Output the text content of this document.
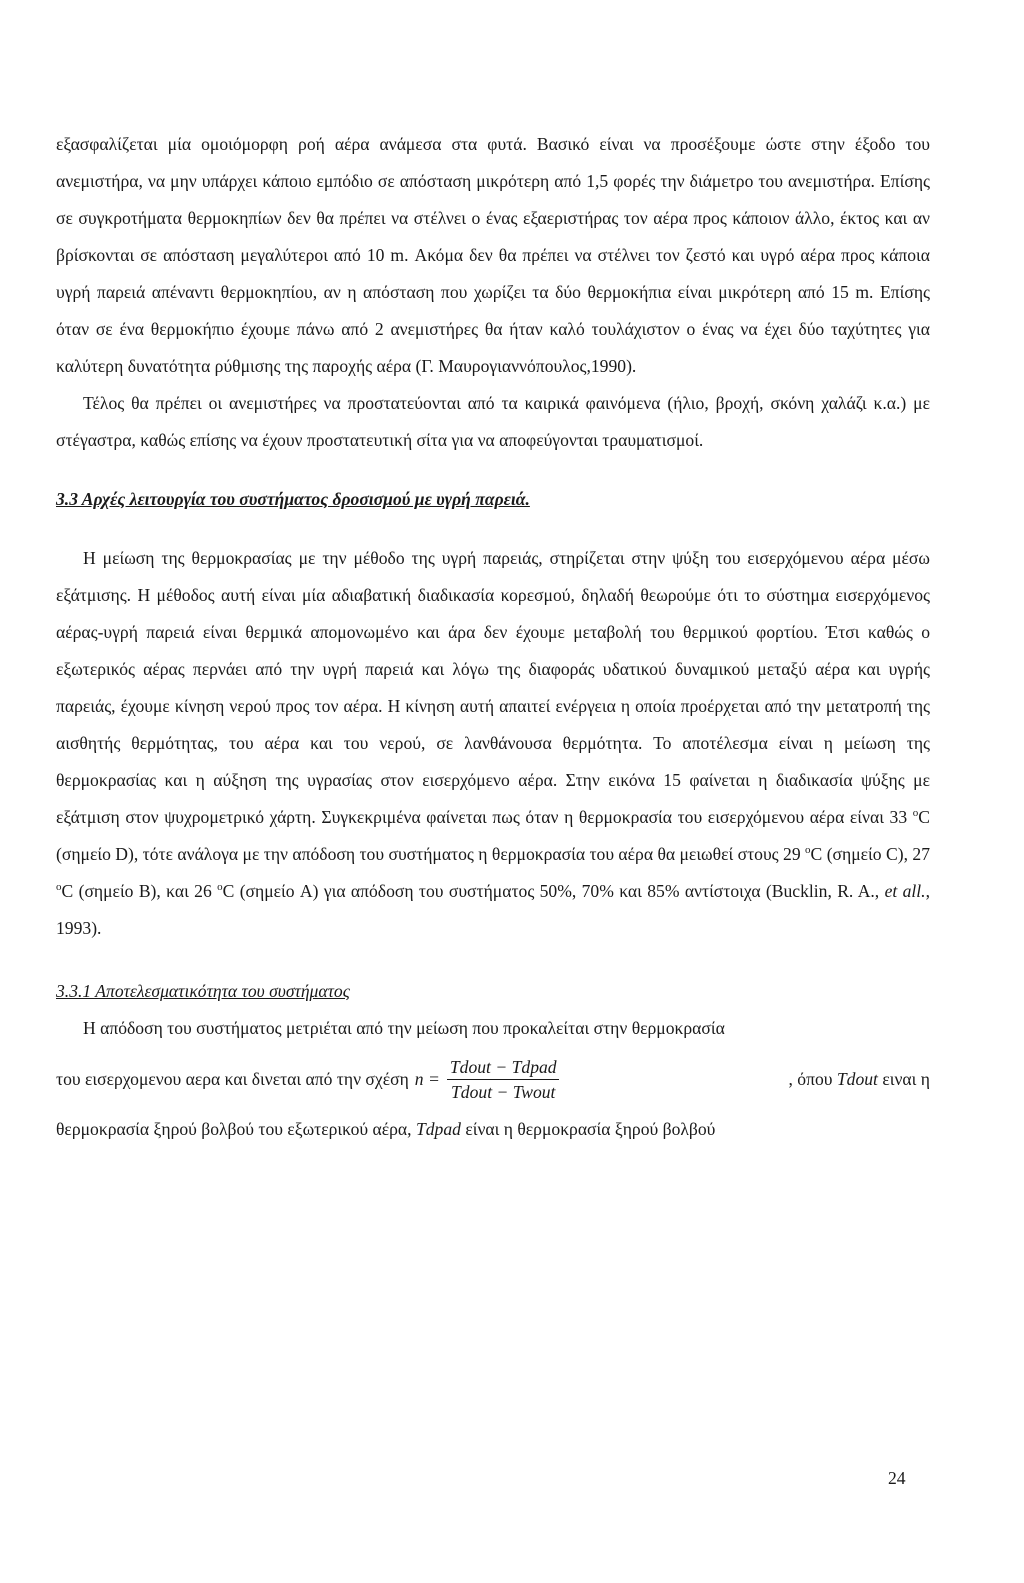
εξασφαλίζεται μία ομοιόμορφη ροή αέρα ανάμεσα στα φυτά. Βασικό είναι να προσέξουμε ώστε στην έξοδο του ανεμιστήρα, να μην υπάρχει κάποιο εμπόδιο σε απόσταση μικρότερη από 1,5 φορές την διάμετρο του ανεμιστήρα. Επίσης σε συγκροτήματα θερμοκηπίων δεν θα πρέπει να στέλνει ο ένας εξαεριστήρας τον αέρα προς κάποιον άλλο, έκτος και αν βρίσκονται σε απόσταση μεγαλύτεροι από 10 m. Ακόμα δεν θα πρέπει να στέλνει τον ζεστό και υγρό αέρα προς κάποια υγρή παρειά απέναντι θερμοκηπίου, αν η απόσταση που χωρίζει τα δύο θερμοκήπια είναι μικρότερη από 15 m. Επίσης όταν σε ένα θερμοκήπιο έχουμε πάνω από 2 ανεμιστήρες θα ήταν καλό τουλάχιστον ο ένας να έχει δύο ταχύτητες για καλύτερη δυνατότητα ρύθμισης της παροχής αέρα (Γ. Μαυρογιαννόπουλος,1990).

Τέλος θα πρέπει οι ανεμιστήρες να προστατεύονται από τα καιρικά φαινόμενα (ήλιο, βροχή, σκόνη χαλάζι κ.α.) με στέγαστρα, καθώς επίσης να έχουν προστατευτική σίτα για να αποφεύγονται τραυματισμοί.

3.3 Αρχές λειτουργία του συστήματος δροσισμού με υγρή παρειά.

Η μείωση της θερμοκρασίας με την μέθοδο της υγρή παρειάς, στηρίζεται στην ψύξη του εισερχόμενου αέρα μέσω εξάτμισης. Η μέθοδος αυτή είναι μία αδιαβατική διαδικασία κορεσμού, δηλαδή θεωρούμε ότι το σύστημα εισερχόμενος αέρας-υγρή παρειά είναι θερμικά απομονωμένο και άρα δεν έχουμε μεταβολή του θερμικού φορτίου. Έτσι καθώς ο εξωτερικός αέρας περνάει από την υγρή παρειά και λόγω της διαφοράς υδατικού δυναμικού μεταξύ αέρα και υγρής παρειάς, έχουμε κίνηση νερού προς τον αέρα. Η κίνηση αυτή απαιτεί ενέργεια η οποία προέρχεται από την μετατροπή της αισθητής θερμότητας, του αέρα και του νερού, σε λανθάνουσα θερμότητα. Το αποτέλεσμα είναι η μείωση της θερμοκρασίας και η αύξηση της υγρασίας στον εισερχόμενο αέρα. Στην εικόνα 15 φαίνεται η διαδικασία ψύξης με εξάτμιση στον ψυχρομετρικό χάρτη. Συγκεκριμένα φαίνεται πως όταν η θερμοκρασία του εισερχόμενου αέρα είναι 33 $^o$C (σημείο D), τότε ανάλογα με την απόδοση του συστήματος η θερμοκρασία του αέρα θα μειωθεί στους 29 $^o$C (σημείο C), 27 $^o$C (σημείο B), και 26 $^o$C (σημείο A) για απόδοση του συστήματος 50%, 70% και 85% αντίστοιχα (Bucklin, R. A., et all., 1993).

3.3.1 Αποτελεσματικότητα του συστήματος

Η απόδοση του συστήματος μετριέται από την μείωση που προκαλείται στην θερμοκρασία

του εισερχομενου αερα και δινεται από την σχέση $n = \frac{\text{Tdout − Tdpad}}{\text{Tdout − Twout}}$	, όπου Tdout ειναι η

θερμοκρασία ξηρού βολβού του εξωτερικού αέρα, Tdpad είναι η θερμοκρασία ξηρού βολβού

24
